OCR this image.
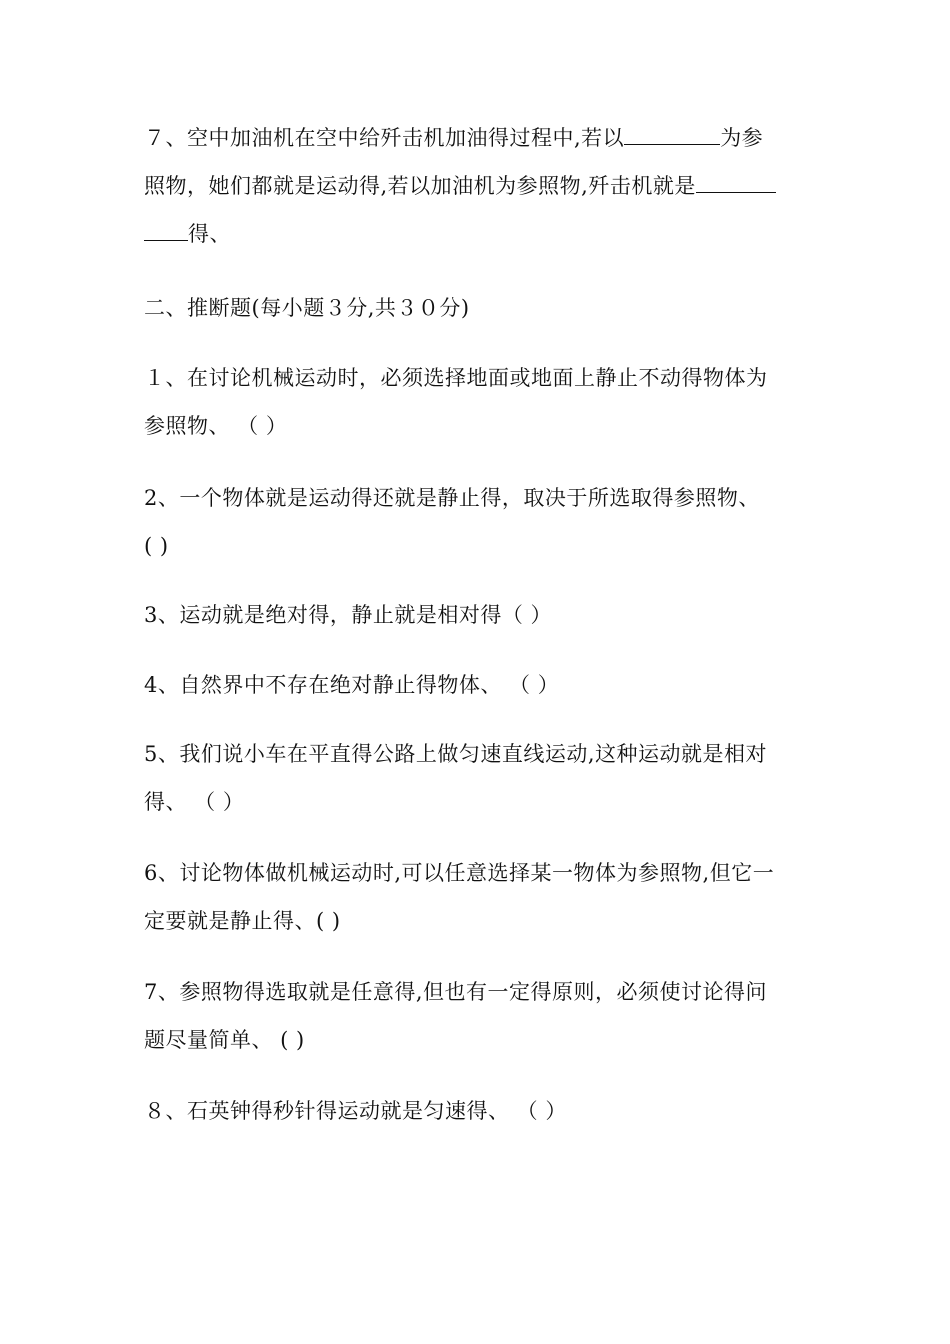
７、空中加油机在空中给歼击机加油得过程中,若以	为参
照物，她们都就是运动得,若以加油机为参照物,歼击机就是
得、
二、推断题(每小题３分,共３０分)
１、在讨论机械运动时，必须选择地面或地面上静止不动得物体为
参照物、 （ ）
2、一个物体就是运动得还就是静止得，取决于所选取得参照物、
( )
3、运动就是绝对得，静止就是相对得（ ）
4、自然界中不存在绝对静止得物体、 （ ）
5、我们说小车在平直得公路上做匀速直线运动,这种运动就是相对
得、 （ ）
6、讨论物体做机械运动时,可以任意选择某一物体为参照物,但它一
定要就是静止得、( )
7、参照物得选取就是任意得,但也有一定得原则，必须使讨论得问
题尽量简单、 ( )
８、石英钟得秒针得运动就是匀速得、 （ ）
